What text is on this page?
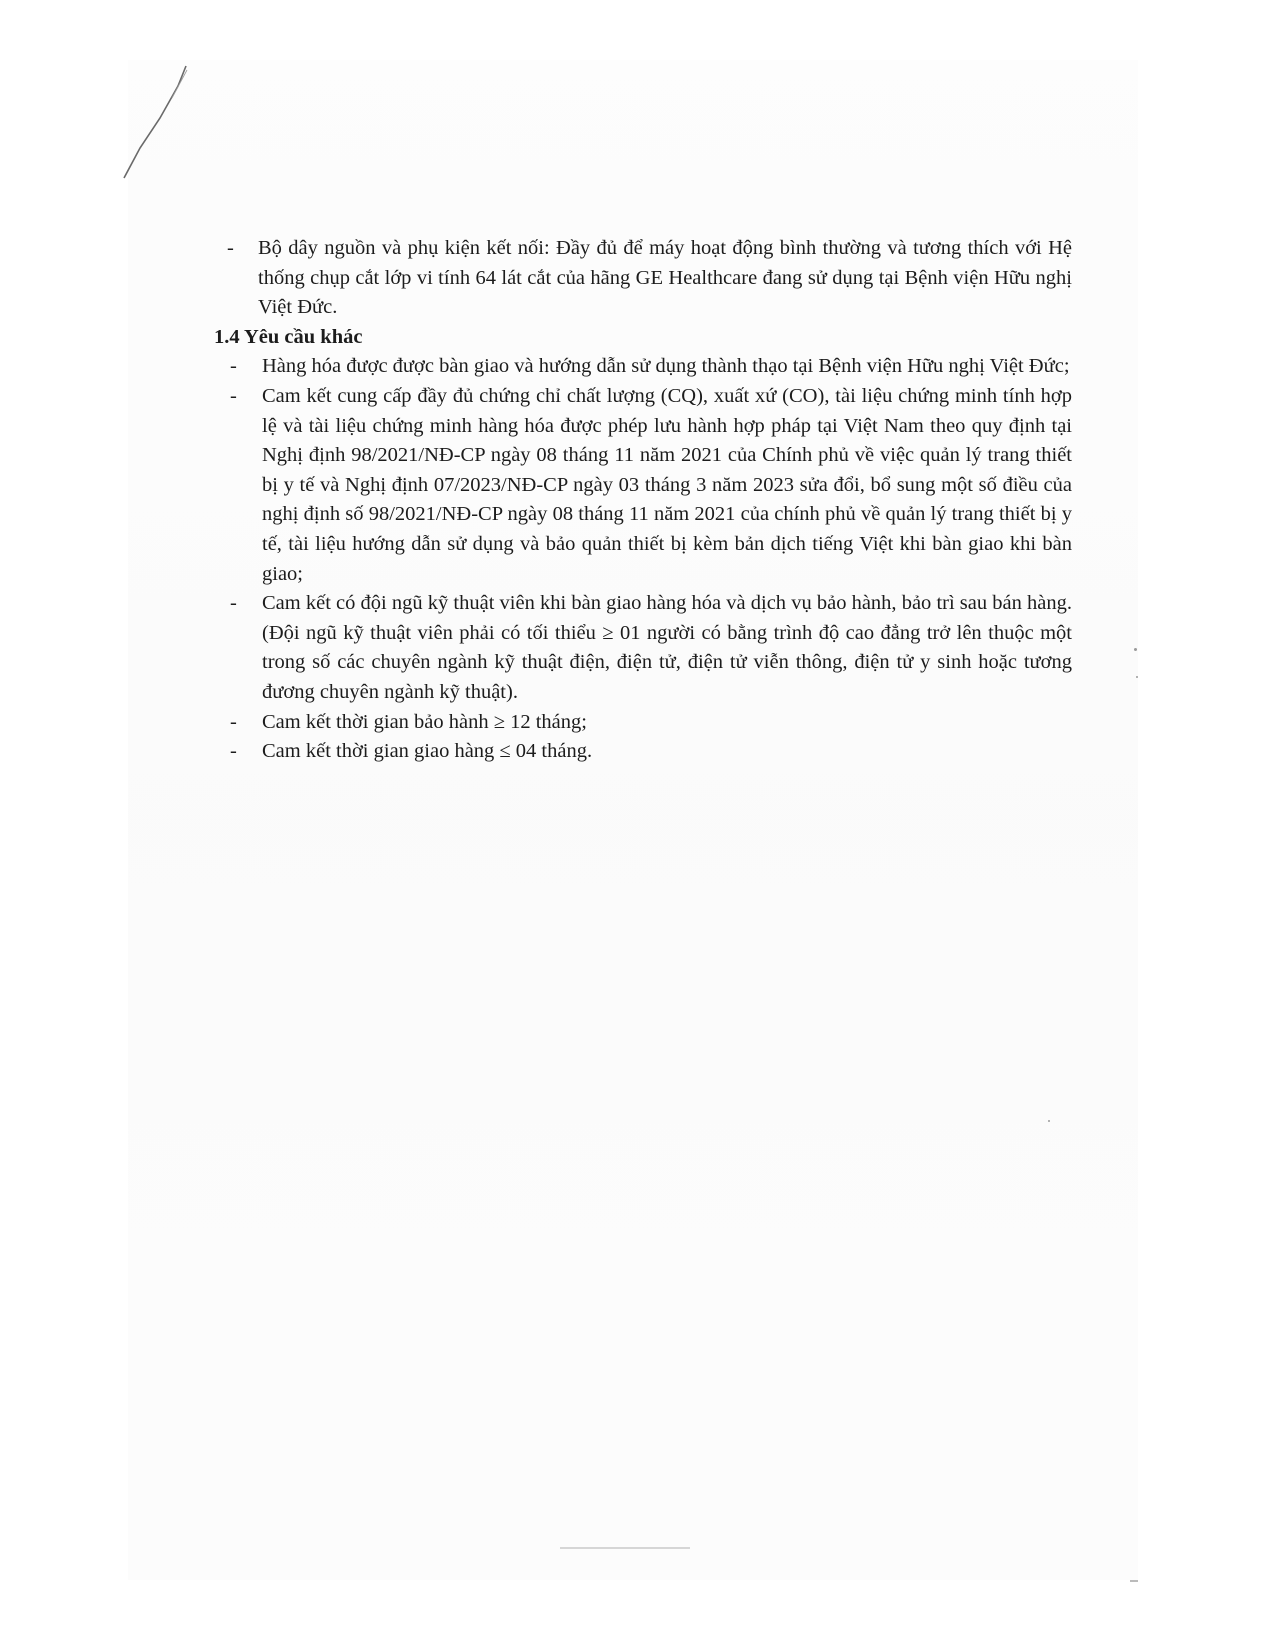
- Bộ dây nguồn và phụ kiện kết nối: Đầy đủ để máy hoạt động bình thường và tương thích với Hệ thống chụp cắt lớp vi tính 64 lát cắt của hãng GE Healthcare đang sử dụng tại Bệnh viện Hữu nghị Việt Đức.
1.4 Yêu cầu khác
- Hàng hóa được được bàn giao và hướng dẫn sử dụng thành thạo tại Bệnh viện Hữu nghị Việt Đức;
- Cam kết cung cấp đầy đủ chứng chỉ chất lượng (CQ), xuất xứ (CO), tài liệu chứng minh tính hợp lệ và tài liệu chứng minh hàng hóa được phép lưu hành hợp pháp tại Việt Nam theo quy định tại Nghị định 98/2021/NĐ-CP ngày 08 tháng 11 năm 2021 của Chính phủ về việc quản lý trang thiết bị y tế và Nghị định 07/2023/NĐ-CP ngày 03 tháng 3 năm 2023 sửa đổi, bổ sung một số điều của nghị định số 98/2021/NĐ-CP ngày 08 tháng 11 năm 2021 của chính phủ về quản lý trang thiết bị y tế, tài liệu hướng dẫn sử dụng và bảo quản thiết bị kèm bản dịch tiếng Việt khi bàn giao khi bàn giao;
- Cam kết có đội ngũ kỹ thuật viên khi bàn giao hàng hóa và dịch vụ bảo hành, bảo trì sau bán hàng. (Đội ngũ kỹ thuật viên phải có tối thiểu ≥ 01 người có bằng trình độ cao đẳng trở lên thuộc một trong số các chuyên ngành kỹ thuật điện, điện tử, điện tử viễn thông, điện tử y sinh hoặc tương đương chuyên ngành kỹ thuật).
- Cam kết thời gian bảo hành ≥ 12 tháng;
- Cam kết thời gian giao hàng ≤ 04 tháng.
